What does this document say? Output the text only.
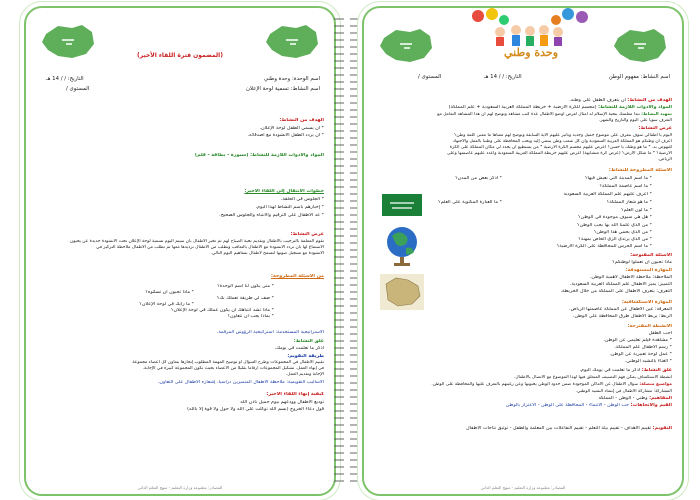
(المضمون فترة اللقاء الأخير)
اسم الوحدة: وحدة وطني
التاريخ: / / 14 هـ
اسم النشاط: تسمية لوحة الإعلان
المستوى /
الهدف من النشاط:
* أن يسمي الطفل لوحة الإعلان.
* أن يردد الطفل الأنشودة مع أصدقائه.
المواد والأدوات اللازمة للنشاط: (سبورة - بطاقة - قلم)
خطوات الانتقال إلى اللقاء الأخير:
* الجلوس في الحلقة.
* إخبارهم باسم النشاط لهذا اليوم.
* عد الأطفال على الترقيم والانتباه والجلوس الصحيح.
عرض النشاط:
تقوم المعلمة بالترحيب بالأطفال وتقديم تحية الصباح لهم ثم تخبر الأطفال بأن سيتم اليوم تسمية لوحة الإعلان تحت الأنشودة جديدة عن يحيون
الاستماع لها بأن تردد الأنشودة مع الأطفال بالتعاقب وتطلب من الأطفال ترديدها معها ثم تطلب من الأطفال ملاحظة التركيز في
الأنشودة مع تسجيل صوتها لتسمح لأطفال بمفاهيم اليوم التالي.
من الأسئلة المطروحة:
* متى يكون لنا اسم الوحدة؟
* ماذا تحبون أن تسمّوه؟
* صف لي طريقة تعملك بك؟
* ما رأيك في لوحة الإعلان؟
* ماذا تشد انتباهك أن يكون عملك في لوحة الإعلان؟
* بماذا يجب أن نتعاون؟
الاستراتيجية المستخدمة: استراتيجية الرؤوس المرقمة.
غلق النشاط:
اذكر ما تعلمت في يومك.
طريقة التقويم:
تقييم الأطفال في المجموعات وطرح السؤال أو توضيح المهمة المطلوب إنجازها بتعاون كل أعضاء مجموعة
في إنهاء العمل. تشكيل المجموعات أرقاماً بقليلاً من الأعضاء بحيث تكون المجموعة كبيرة في الإجابة.
الإجابة وتقديم العمل.
الأساليب التقويمية: ملاحظة الأطفال المتميزين دراسياً. إشعاره الأطفال على التعاون.
كيفية إنهاء اللقاء الأخير:
توديع الأطفال وودعهم بيوم جميل بأذن الله
قول دعاء الخروج (بسم الله توكلت على الله ولا حول ولا قوة إلا بالله)
المصادر: مطبوعة وزارة التعليم - منهج التعلم الذاتي
وحدة وطني
اسم النشاط: مفهوم الوطن
التاريخ: / / 14 هـ
المستوى /
الهدف من النشاط: أن يتعرف الطفل على وطنه.
المواد والأدوات اللازمة للنشاط: (مجسم للكرة الأرضية + خريطة المملكة العربية السعودية + علم المملكة)
تمهيد النشاط: تبدأ معلمتك بتحية الإسلام له أمثال لعرض أوضع الأطفال عدة كتب مشاهد وتوضح لهم أن هذا المشاهد التعامل مع
التعرف سوياً على اليوم والتاريخ والشهر.
عرض النشاط:
اليوم يا أطفالي سوف نتعرف على موضوع جميل وجديد وتأثير عليهم الآية السابقة وتوضح لهم معناها ما معنى كلمة وطن؟
أعرف أن وطنكم هو المملكة العربية السعودية وأن كل شعب وطن ينتمي إليه ويحب المحافظة على وطننا بالعمل والاجتهاد
للنهوض به. * ما هو وطنك يا حسن؟ أعرض عليهم مجسم الكرة الأرضية * من يستطيع أن يحدد لي مكان المملكة على الكرة
الأرضية؟ * ما شكل الأرض؟ (عرض كرة متشابهة) أعرض عليهم خريطة المملكة العربية السعودية وأعدد عليهم عاصمتها وعلى
الرياض.
الأسئلة المطروحة للنشاط:
* ما اسم المدينة التي نعيش فيها؟
* أذكر بعض من المدن؟
* ما اسم عاصمة المملكة؟
* أعرف عليهم علم المملكة العربية السعودية
* ما هو شعار المملكة؟
* ما العبارة المكتوبة على العلم؟
* ما لون العلم؟
* هل هي سيوف موجودة في الوطن؟
* من الذي علمنا الله بها بحب الوطن؟
* من الذي يحمي هذا الوطن؟
* من الذي يرتدي الزي الخاص بمهنة؟
* ما اسم الحرس للمحافظة على الكرة الأرضية؟
الأسئلة المفتوحة:
ماذا تحبون أن تعملوا لوطنكم؟
المهارة المستهدفة:
الملاحظة: ملاحظة الأطفال لأهمية الوطن.
التمييز: يميز الأطفال علم المملكة العربية السعودية.
التعرف: يتعرف الأطفال على المملكة من خلال الخريطة.
المهارة الاستكشافية:
المعرفة: عين الأطفال عن المملكة عاصمتها الرياض.
الربط: يربط الأطفال طرق المحافظة على الوطن.
الأنشطة المقترحة:
أحب الطفل
* مشاهدة فيلم تعليمي عن الوطن.
* رسم الأطفال علم المملكة.
* عمل لوحة تعبيرية عن الوطن.
* الغناء بالنشيد الوطني.
غلق النشاط: اذكر ما تعلمت في يومك اليوم.
أنشطة الاستكشاف يمكن فهم التصنيف المتعلق فيها لهذا الموضوع مع الاتصال بالأطفال.
مواضيع متصلة: سؤال الأطفال عن الأماكن الموجودة ضمن حدود الوطن يحبونها وعن رغبتهم بالتعرف عليها والمحافظة على الوطن.
المشاركة: مشاركة الأطفال في إنشاد النشيد الوطني.
المفاهيم: وطني - الوطن - المملكة
القيم والاتجاهات: حب الوطن - الانتماء - المحافظة على الوطن - الاعتزاز بالوطن
التقويم: تقييم الأهداف - تقييم بيئة التعلم - تقييم التفاعلات بين المعلمة والطفل - توثيق نتاجات الأطفال
المصادر: مطبوعة وزارة التعليم - منهج التعلم الذاتي
